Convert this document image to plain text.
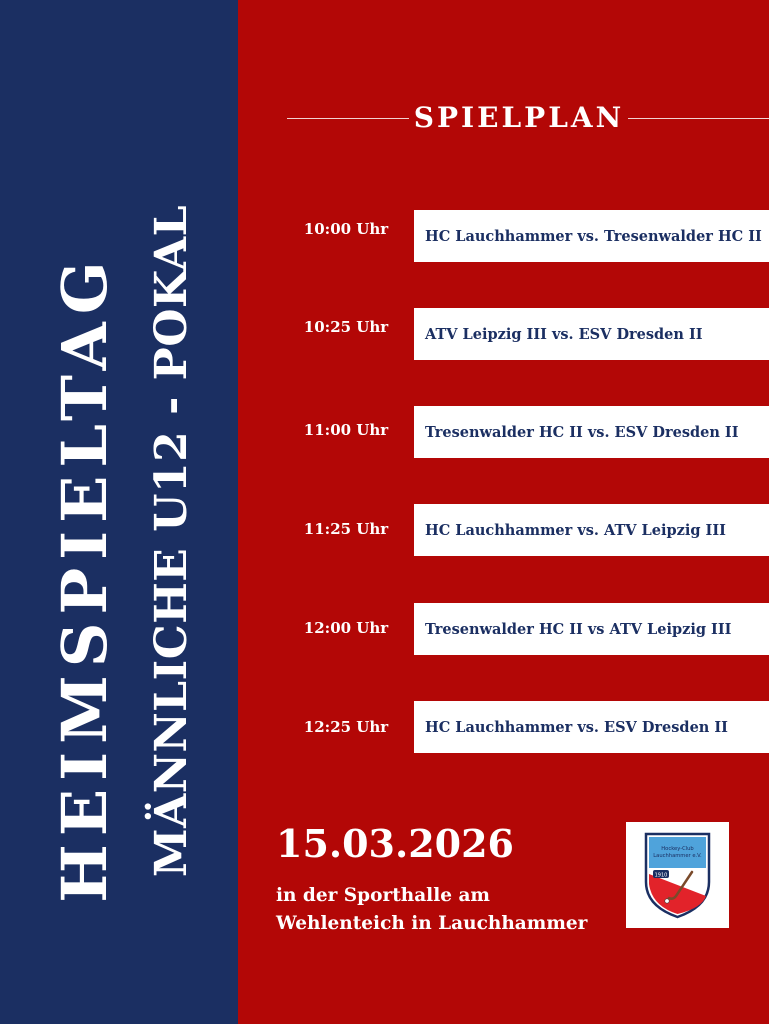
HEIMSPIELTAG MÄNNLICHE U12 - POKAL
SPIELPLAN
10:00 Uhr	HC Lauchhammer vs. Tresenwalder HC II
10:25 Uhr	ATV Leipzig III vs. ESV Dresden II
11:00 Uhr	Tresenwalder HC II vs. ESV Dresden II
11:25 Uhr	HC Lauchhammer vs. ATV Leipzig III
12:00 Uhr	Tresenwalder HC II vs ATV Leipzig III
12:25 Uhr	HC Lauchhammer vs. ESV Dresden II
15.03.2026
in der Sporthalle am
Wehlenteich in Lauchhammer
1910
Hockey-Club
Lauchhammer e.V.
